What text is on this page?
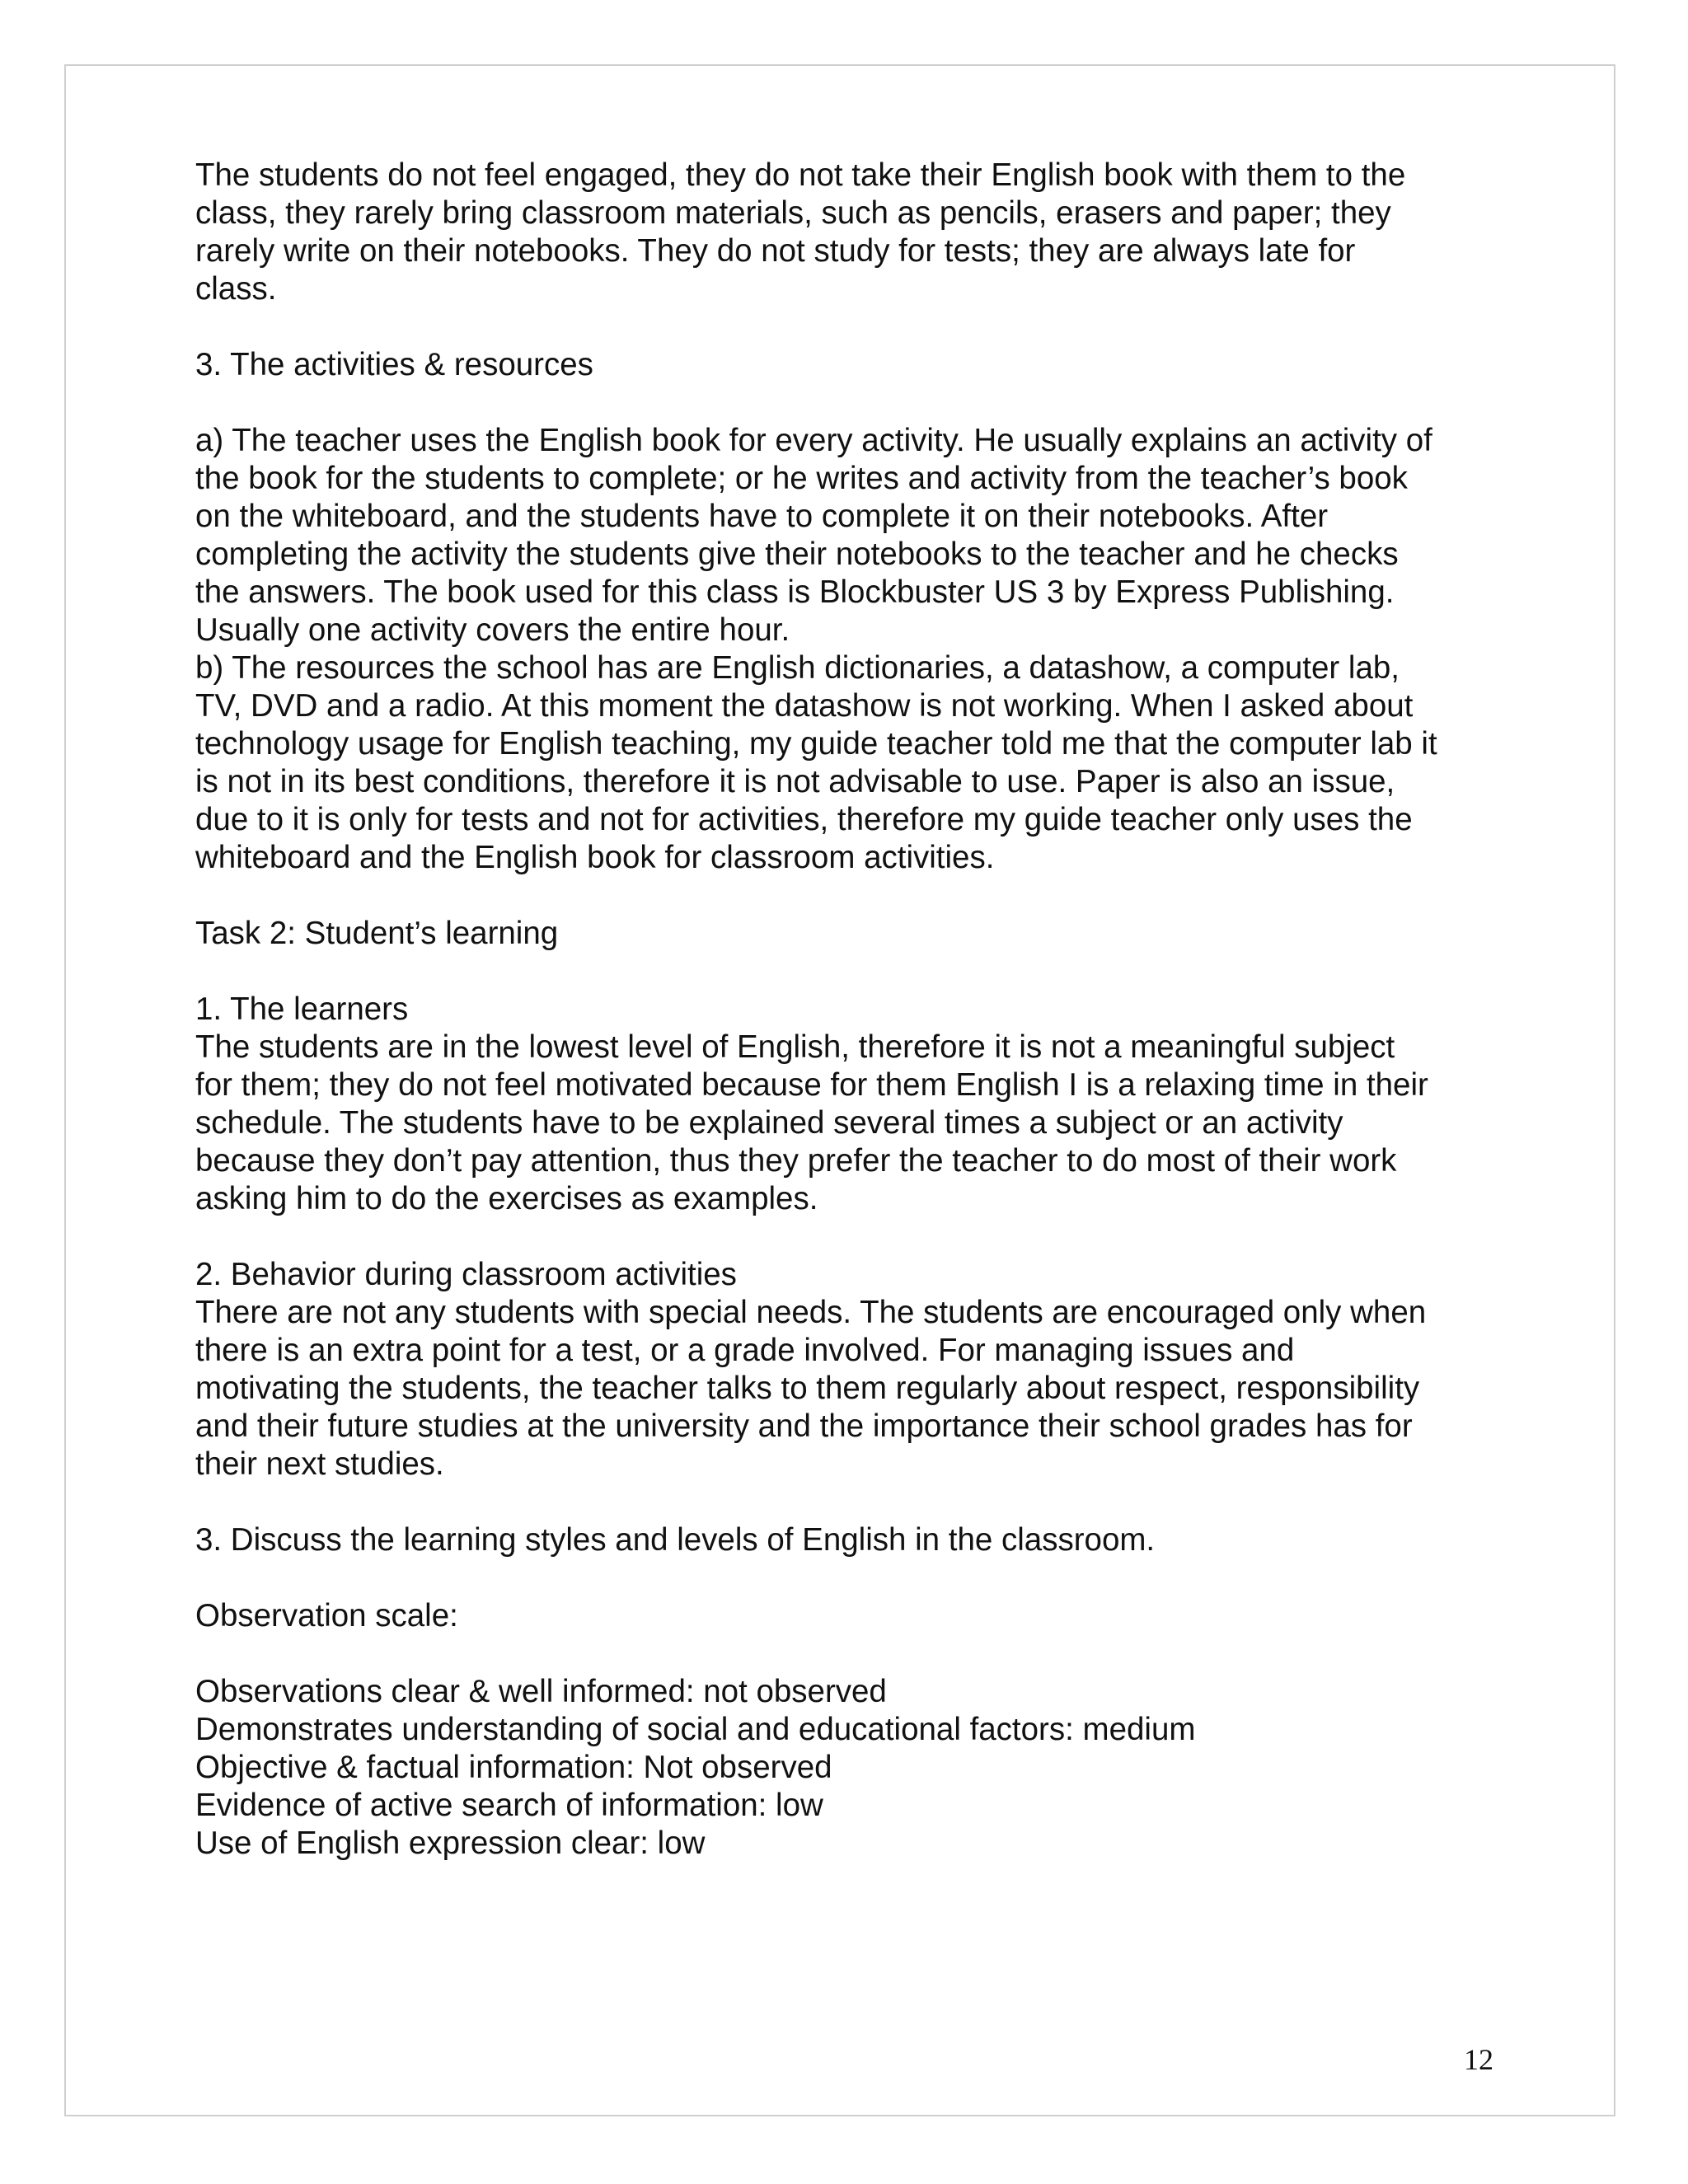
The students do not feel engaged, they do not take their English book with them to the

class, they rarely bring classroom materials, such as pencils, erasers and paper; they

rarely write on their notebooks. They do not study for tests; they are always late for

class.

3. The activities & resources

a) The teacher uses the English book for every activity. He usually explains an activity of

the book for the students to complete; or he writes and activity from the teacher’s book

on the whiteboard, and the students have to complete it on their notebooks. After

completing the activity the students give their notebooks to the teacher and he checks

the answers. The book used for this class is Blockbuster US 3 by Express Publishing.

Usually one activity covers the entire hour.

b) The resources the school has are English dictionaries, a datashow, a computer lab,

TV, DVD and a radio. At this moment the datashow is not working. When I asked about

technology usage for English teaching, my guide teacher told me that the computer lab it

is not in its best conditions, therefore it is not advisable to use. Paper is also an issue,

due to it is only for tests and not for activities, therefore my guide teacher only uses the

whiteboard and the English book for classroom activities.

Task 2: Student’s learning

1. The learners

The students are in the lowest level of English, therefore it is not a meaningful subject

for them; they do not feel motivated because for them English I is a relaxing time in their

schedule. The students have to be explained several times a subject or an activity

because they don’t pay attention, thus they prefer the teacher to do most of their work

asking him to do the exercises as examples.

2. Behavior during classroom activities

There are not any students with special needs. The students are encouraged only when

there is an extra point for a test, or a grade involved. For managing issues and

motivating the students, the teacher talks to them regularly about respect, responsibility

and their future studies at the university and the importance their school grades has for

their next studies.

3. Discuss the learning styles and levels of English in the classroom.

Observation scale:

Observations clear & well informed: not observed

Demonstrates understanding of social and educational factors: medium

Objective & factual information: Not observed

Evidence of active search of information: low

Use of English expression clear: low

12
